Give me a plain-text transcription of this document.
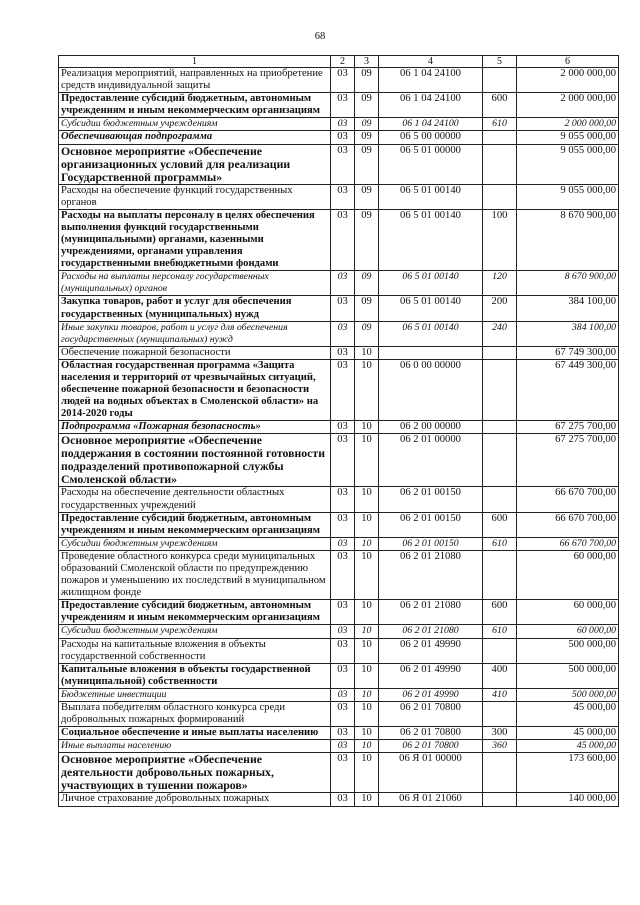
68
1	2	3	4	5	6
Реализация мероприятий, направленных на приобретение средств индивидуальной защиты	03	09	06 1 04 24100		2 000 000,00
Предоставление субсидий бюджетным, автономным учреждениям и иным некоммерческим организациям	03	09	06 1 04 24100	600	2 000 000,00
Субсидии бюджетным учреждениям	03	09	06 1 04 24100	610	2 000 000,00
Обеспечивающая подпрограмма	03	09	06 5 00 00000		9 055 000,00
Основное мероприятие «Обеспечение организационных условий для реализации Государственной программы»	03	09	06 5 01 00000		9 055 000,00
Расходы на обеспечение функций государственных органов	03	09	06 5 01 00140		9 055 000,00
Расходы на выплаты персоналу в целях обеспечения выполнения функций государственными (муниципальными) органами, казенными учреждениями, органами управления государственными внебюджетными фондами	03	09	06 5 01 00140	100	8 670 900,00
Расходы на выплаты персоналу государственных (муниципальных) органов	03	09	06 5 01 00140	120	8 670 900,00
Закупка товаров, работ и услуг для обеспечения государственных (муниципальных) нужд	03	09	06 5 01 00140	200	384 100,00
Иные закупки товаров, работ и услуг для обеспечения государственных (муниципальных) нужд	03	09	06 5 01 00140	240	384 100,00
Обеспечение пожарной безопасности	03	10			67 749 300,00
Областная государственная программа «Защита населения и территорий от чрезвычайных ситуаций, обеспечение пожарной безопасности и безопасности людей на водных объектах в Смоленской области» на 2014-2020 годы	03	10	06 0 00 00000		67 449 300,00
Подпрограмма «Пожарная безопасность»	03	10	06 2 00 00000		67 275 700,00
Основное мероприятие «Обеспечение поддержания в состоянии постоянной готовности подразделений противопожарной службы Смоленской области»	03	10	06 2 01 00000		67 275 700,00
Расходы на обеспечение деятельности областных государственных учреждений	03	10	06 2 01 00150		66 670 700,00
Предоставление субсидий бюджетным, автономным учреждениям и иным некоммерческим организациям	03	10	06 2 01 00150	600	66 670 700,00
Субсидии бюджетным учреждениям	03	10	06 2 01 00150	610	66 670 700,00
Проведение областного конкурса среди муниципальных образований Смоленской области по предупреждению пожаров и уменьшению их последствий в муниципальном жилищном фонде	03	10	06 2 01 21080		60 000,00
Предоставление субсидий бюджетным, автономным учреждениям и иным некоммерческим организациям	03	10	06 2 01 21080	600	60 000,00
Субсидии бюджетным учреждениям	03	10	06 2 01 21080	610	60 000,00
Расходы на капитальные вложения в объекты государственной собственности	03	10	06 2 01 49990		500 000,00
Капитальные вложения в объекты государственной (муниципальной) собственности	03	10	06 2 01 49990	400	500 000,00
Бюджетные инвестиции	03	10	06 2 01 49990	410	500 000,00
Выплата победителям областного конкурса среди добровольных пожарных формирований	03	10	06 2 01 70800		45 000,00
Социальное обеспечение и иные выплаты населению	03	10	06 2 01 70800	300	45 000,00
Иные выплаты населению	03	10	06 2 01 70800	360	45 000,00
Основное мероприятие «Обеспечение деятельности добровольных пожарных, участвующих в тушении пожаров»	03	10	06 Я 01 00000		173 600,00
Личное страхование добровольных пожарных	03	10	06 Я 01 21060		140 000,00
